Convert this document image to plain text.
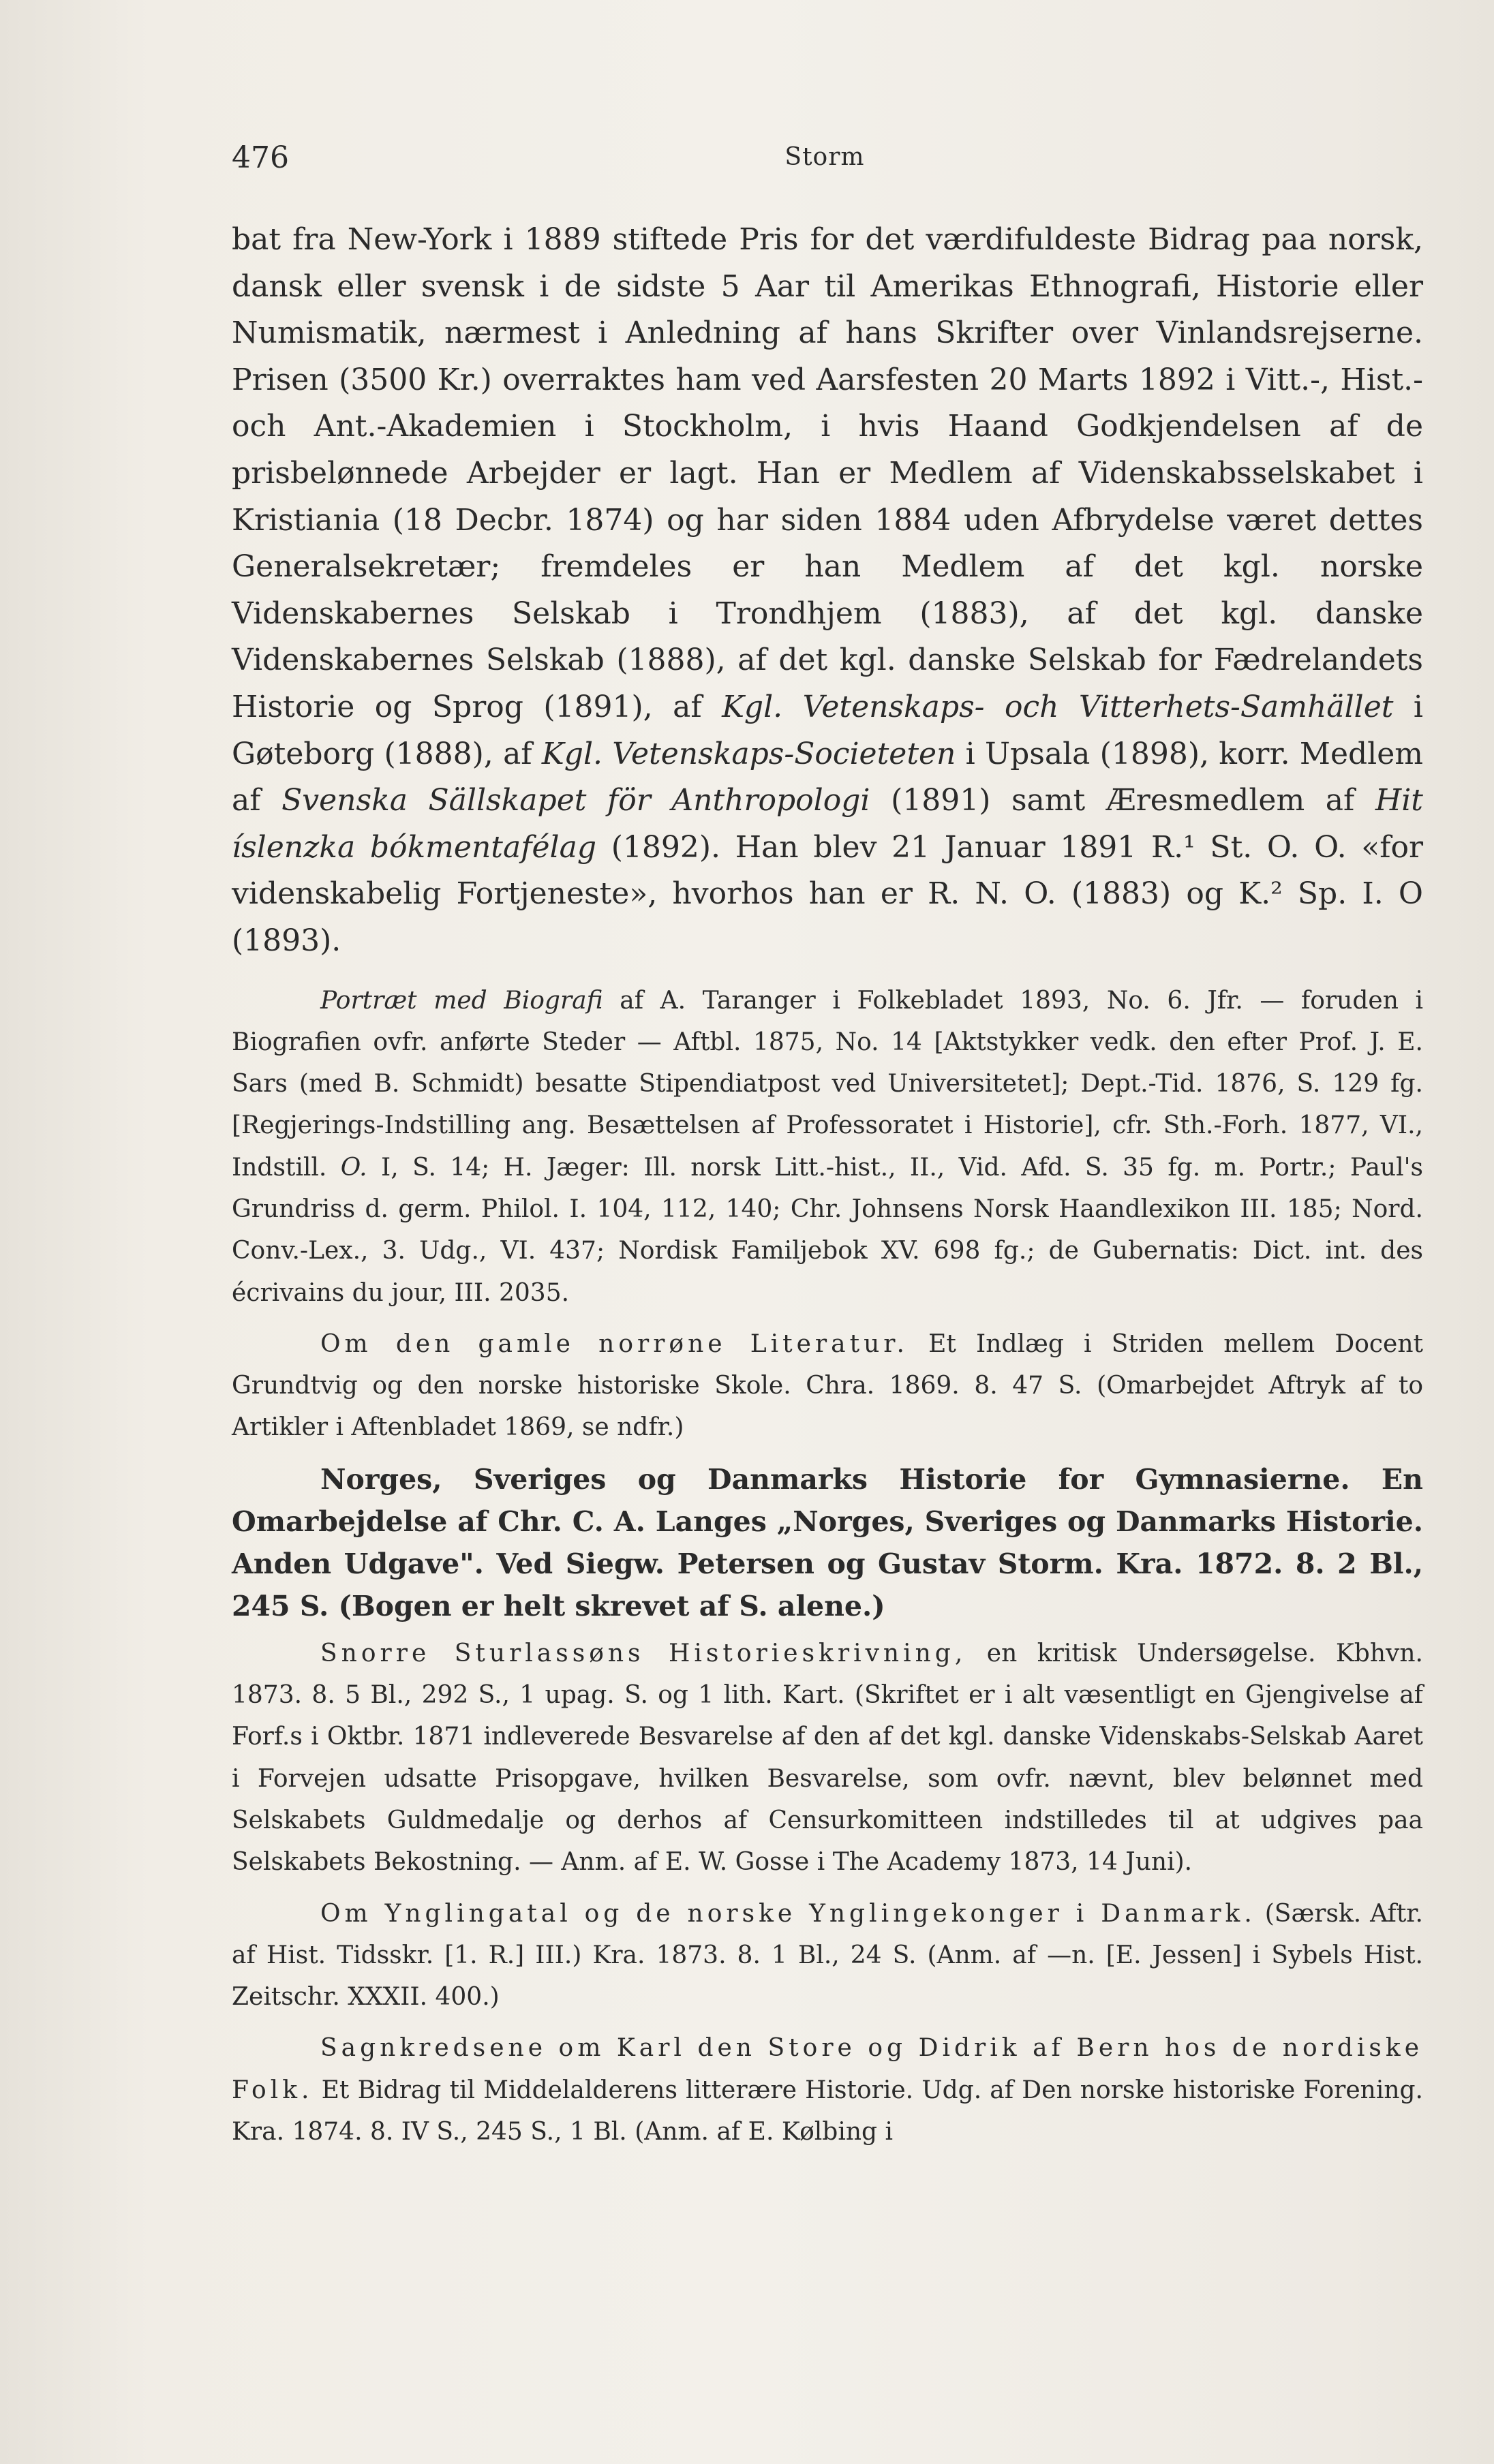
476	Storm

bat fra New-York i 1889 stiftede Pris for det værdifuldeste Bidrag paa norsk, dansk eller svensk i de sidste 5 Aar til Amerikas Ethnografi, Historie eller Numismatik, nærmest i Anledning af hans Skrifter over Vinlandsrejserne. Prisen (3500 Kr.) overraktes ham ved Aarsfesten 20 Marts 1892 i Vitt.-, Hist.- och Ant.-Akademien i Stockholm, i hvis Haand Godkjendelsen af de prisbelønnede Arbejder er lagt. Han er Medlem af Videnskabsselskabet i Kristiania (18 Decbr. 1874) og har siden 1884 uden Afbrydelse været dettes Generalsekretær; fremdeles er han Medlem af det kgl. norske Videnskabernes Selskab i Trondhjem (1883), af det kgl. danske Videnskabernes Selskab (1888), af det kgl. danske Selskab for Fædrelandets Historie og Sprog (1891), af Kgl. Vetenskaps- och Vitterhets-Samhället i Gøteborg (1888), af Kgl. Vetenskaps-Societeten i Upsala (1898), korr. Medlem af Svenska Sällskapet för Anthropologi (1891) samt Æresmedlem af Hit íslenzka bókmentafélag (1892). Han blev 21 Januar 1891 R.¹ St. O. O. «for videnskabelig Fortjeneste», hvorhos han er R. N. O. (1883) og K.² Sp. I. O (1893).

Portræt med Biografi af A. Taranger i Folkebladet 1893, No. 6. Jfr. — foruden i Biografien ovfr. anførte Steder — Aftbl. 1875, No. 14 [Aktstykker vedk. den efter Prof. J. E. Sars (med B. Schmidt) besatte Stipendiatpost ved Universitetet]; Dept.-Tid. 1876, S. 129 fg. [Regjerings-Indstilling ang. Besættelsen af Professoratet i Historie], cfr. Sth.-Forh. 1877, VI., Indstill. O. I, S. 14; H. Jæger: Ill. norsk Litt.-hist., II., Vid. Afd. S. 35 fg. m. Portr.; Paul's Grundriss d. germ. Philol. I. 104, 112, 140; Chr. Johnsens Norsk Haandlexikon III. 185; Nord. Conv.-Lex., 3. Udg., VI. 437; Nordisk Familjebok XV. 698 fg.; de Gubernatis: Dict. int. des écrivains du jour, III. 2035.

Om den gamle norrøne Literatur. Et Indlæg i Striden mellem Docent Grundtvig og den norske historiske Skole. Chra. 1869. 8. 47 S. (Omarbejdet Aftryk af to Artikler i Aftenbladet 1869, se ndfr.)

Norges, Sveriges og Danmarks Historie for Gymnasierne. En Omarbejdelse af Chr. C. A. Langes „Norges, Sveriges og Danmarks Historie. Anden Udgave". Ved Siegw. Petersen og Gustav Storm. Kra. 1872. 8. 2 Bl., 245 S. (Bogen er helt skrevet af S. alene.)

Snorre Sturlassøns Historieskrivning, en kritisk Undersøgelse. Kbhvn. 1873. 8. 5 Bl., 292 S., 1 upag. S. og 1 lith. Kart. (Skriftet er i alt væsentligt en Gjengivelse af Forf.s i Oktbr. 1871 indleverede Besvarelse af den af det kgl. danske Videnskabs-Selskab Aaret i Forvejen udsatte Prisopgave, hvilken Besvarelse, som ovfr. nævnt, blev belønnet med Selskabets Guldmedalje og derhos af Censurkomitteen indstilledes til at udgives paa Selskabets Bekostning. — Anm. af E. W. Gosse i The Academy 1873, 14 Juni).

Om Ynglingatal og de norske Ynglingekonger i Danmark. (Særsk. Aftr. af Hist. Tidsskr. [1. R.] III.) Kra. 1873. 8. 1 Bl., 24 S. (Anm. af —n. [E. Jessen] i Sybels Hist. Zeitschr. XXXII. 400.)

Sagnkredsene om Karl den Store og Didrik af Bern hos de nordiske Folk. Et Bidrag til Middelalderens litterære Historie. Udg. af Den norske historiske Forening. Kra. 1874. 8. IV S., 245 S., 1 Bl. (Anm. af E. Kølbing i
